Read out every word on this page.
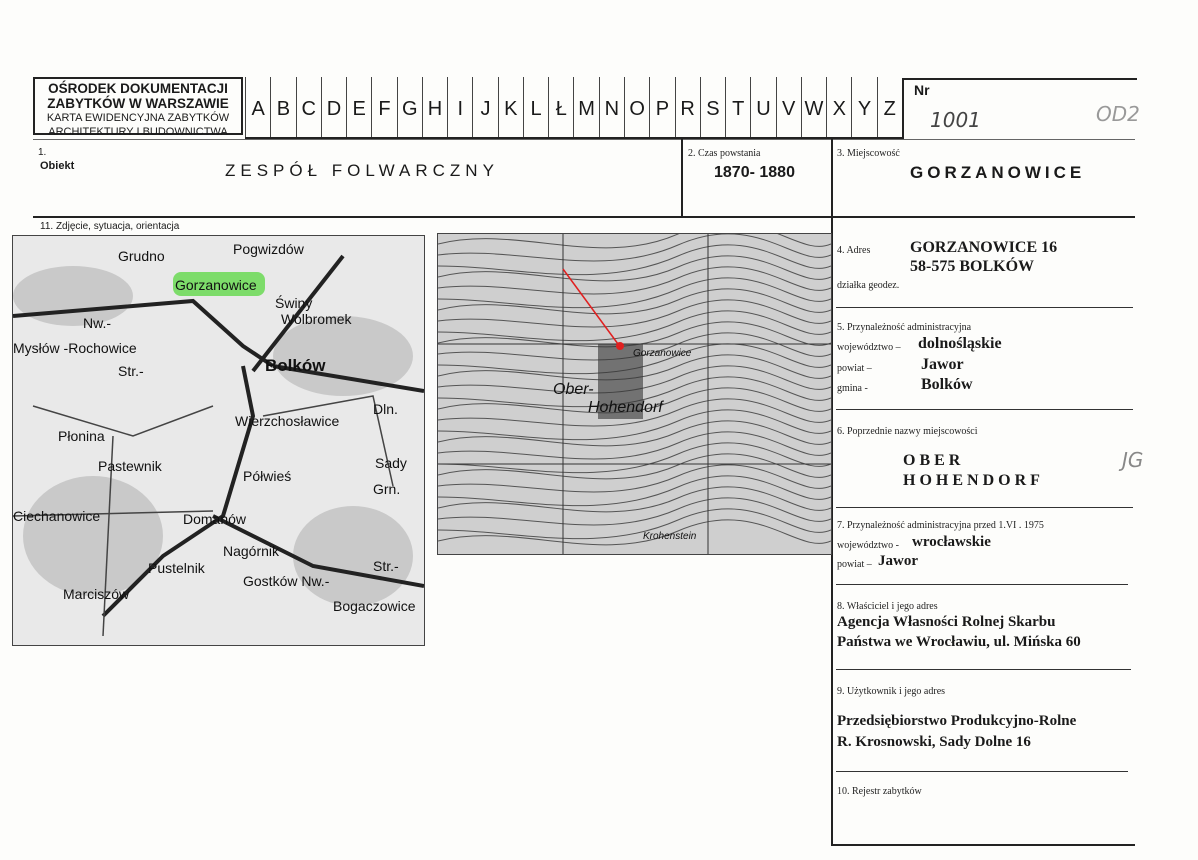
OŚRODEK DOKUMENTACJI
ZABYTKÓW W WARSZAWIE
KARTA EWIDENCYJNA ZABYTKÓW
ARCHITEKTURY I BUDOWNICTWA
A B C D E F G H I J K L Ł M N O P R S T U V W X Y Z
Nr
1001	OD2
1.
Obiekt	ZESPÓŁ FOLWARCZNY
2. Czas powstania
1870- 1880
3. Miejscowość
GORZANOWICE
11. Zdjęcie, sytuacja, orientacja
Pogwizdów
Grudno
Gorzanowice
Świny
Wolbromek
Nw.-
Mysłów -Rochowice
Str.-	Bolków
Dln.
Wierzchosławice
Płonina
Pastewnik
Półwieś
Sady
Grn.
Ciechanowice	Domanów
Nagórnik
Pustelnik
Gostków Nw.-
Str.-
Marciszów
Bogaczowice
Ober-
Hohendorf
Gorzanowice
Krohenstein
4. Adres GORZANOWICE 16
58-575 BOLKÓW
działka geodez.
5. Przynależność administracyjna
województwo – dolnośląskie
powiat –	Jawor
gmina -	Bolków
6. Poprzednie nazwy miejscowości
OBER
HOHENDORF
JG
7. Przynależność administracyjna przed 1.VI . 1975
województwo - wrocławskie
powiat – Jawor
8. Właściciel i jego adres
Agencja Własności Rolnej Skarbu
Państwa we Wrocławiu, ul. Mińska 60
9. Użytkownik i jego adres
Przedsiębiorstwo Produkcyjno-Rolne
R. Krosnowski, Sady Dolne 16
10. Rejestr zabytków
